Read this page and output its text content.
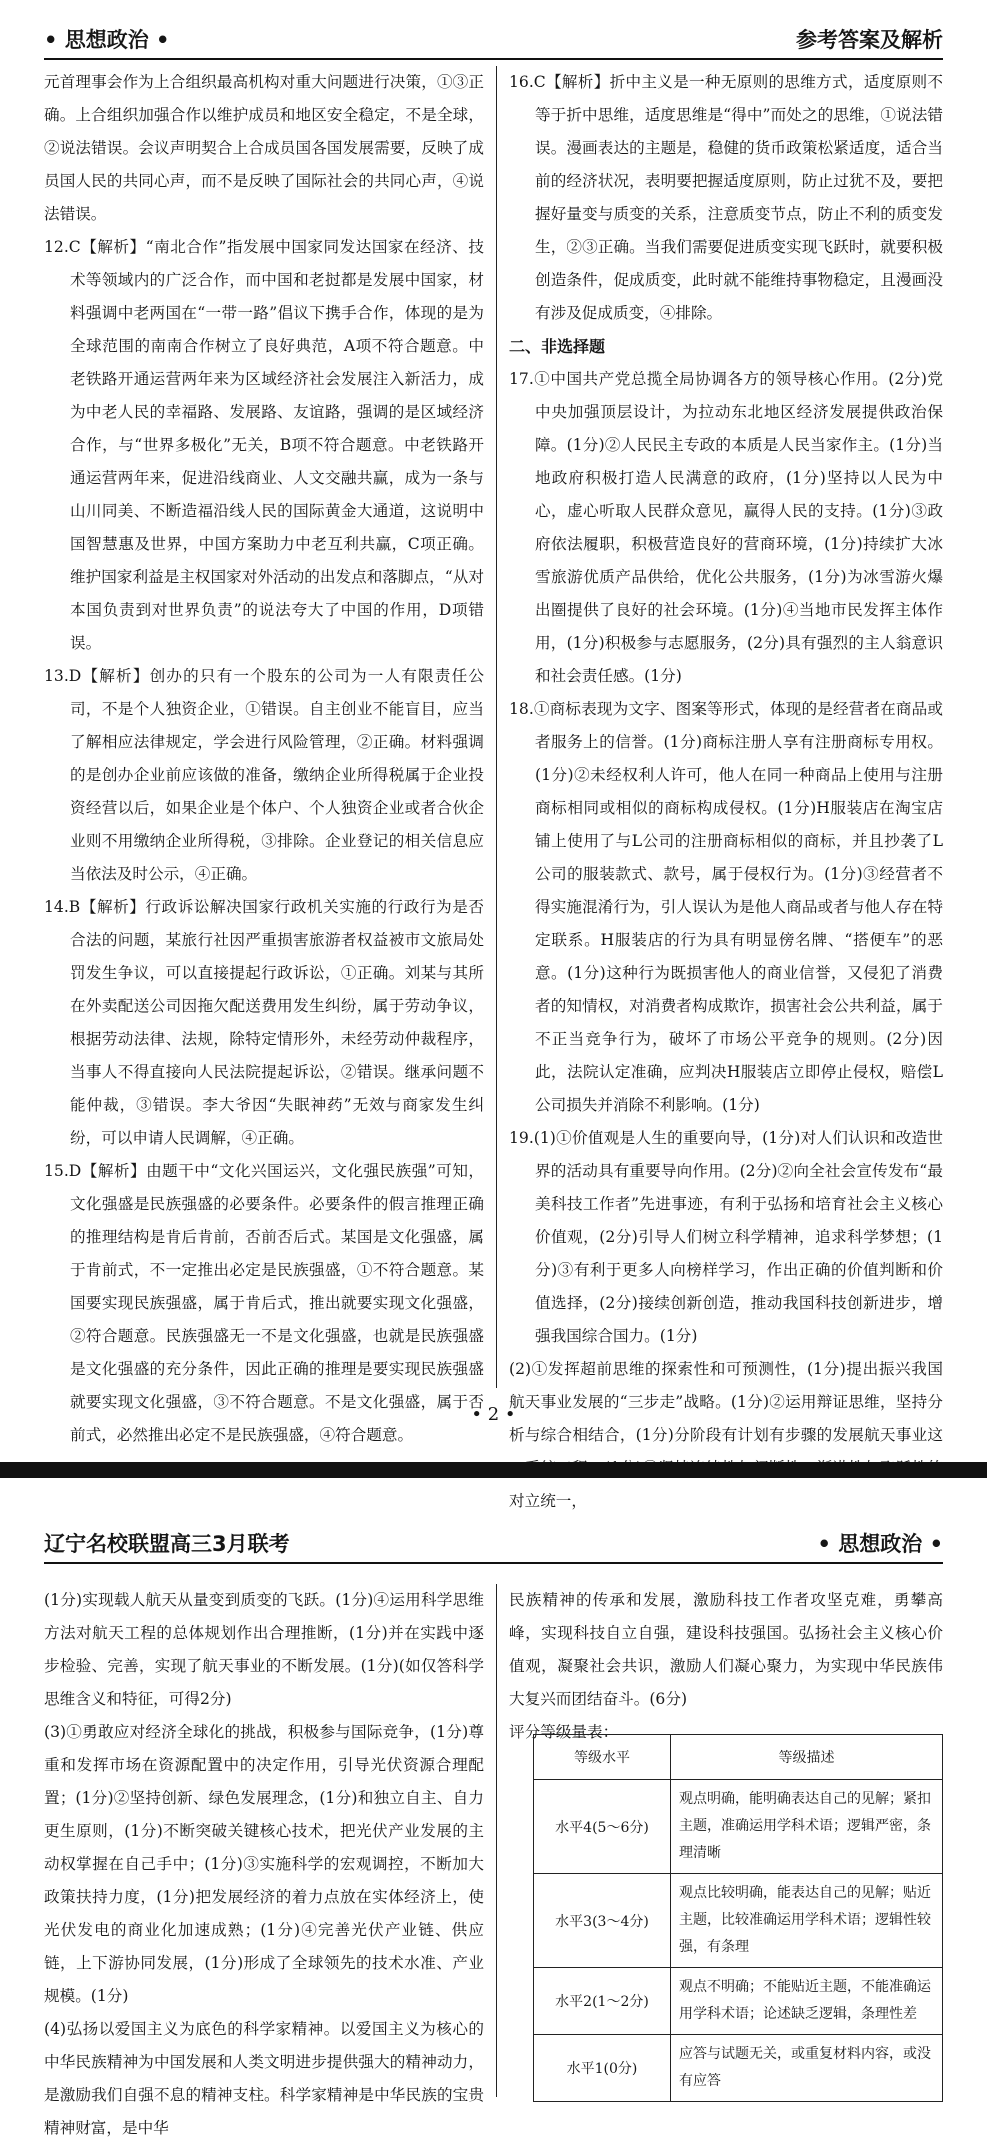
• 思想政治 •	参考答案及解析

元首理事会作为上合组织最高机构对重大问题进行决策，①③正确。上合组织加强合作以维护成员和地区安全稳定，不是全球，②说法错误。会议声明契合上合成员国各国发展需要，反映了成员国人民的共同心声，而不是反映了国际社会的共同心声，④说法错误。

12.C【解析】“南北合作”指发展中国家同发达国家在经济、技术等领域内的广泛合作，而中国和老挝都是发展中国家，材料强调中老两国在“一带一路”倡议下携手合作，体现的是为全球范围的南南合作树立了良好典范，A项不符合题意。中老铁路开通运营两年来为区域经济社会发展注入新活力，成为中老人民的幸福路、发展路、友谊路，强调的是区域经济合作，与“世界多极化”无关，B项不符合题意。中老铁路开通运营两年来，促进沿线商业、人文交融共赢，成为一条与山川同美、不断造福沿线人民的国际黄金大通道，这说明中国智慧惠及世界，中国方案助力中老互利共赢，C项正确。维护国家利益是主权国家对外活动的出发点和落脚点，“从对本国负责到对世界负责”的说法夸大了中国的作用，D项错误。

13.D【解析】创办的只有一个股东的公司为一人有限责任公司，不是个人独资企业，①错误。自主创业不能盲目，应当了解相应法律规定，学会进行风险管理，②正确。材料强调的是创办企业前应该做的准备，缴纳企业所得税属于企业投资经营以后，如果企业是个体户、个人独资企业或者合伙企业则不用缴纳企业所得税，③排除。企业登记的相关信息应当依法及时公示，④正确。

14.B【解析】行政诉讼解决国家行政机关实施的行政行为是否合法的问题，某旅行社因严重损害旅游者权益被市文旅局处罚发生争议，可以直接提起行政诉讼，①正确。刘某与其所在外卖配送公司因拖欠配送费用发生纠纷，属于劳动争议，根据劳动法律、法规，除特定情形外，未经劳动仲裁程序，当事人不得直接向人民法院提起诉讼，②错误。继承问题不能仲裁，③错误。李大爷因“失眠神药”无效与商家发生纠纷，可以申请人民调解，④正确。

15.D【解析】由题干中“文化兴国运兴，文化强民族强”可知，文化强盛是民族强盛的必要条件。必要条件的假言推理正确的推理结构是肯后肯前，否前否后式。某国是文化强盛，属于肯前式，不一定推出必定是民族强盛，①不符合题意。某国要实现民族强盛，属于肯后式，推出就要实现文化强盛，②符合题意。民族强盛无一不是文化强盛，也就是民族强盛是文化强盛的充分条件，因此正确的推理是要实现民族强盛就要实现文化强盛，③不符合题意。不是文化强盛，属于否前式，必然推出必定不是民族强盛，④符合题意。

16.C【解析】折中主义是一种无原则的思维方式，适度原则不等于折中思维，适度思维是“得中”而处之的思维，①说法错误。漫画表达的主题是，稳健的货币政策松紧适度，适合当前的经济状况，表明要把握适度原则，防止过犹不及，要把握好量变与质变的关系，注意质变节点，防止不利的质变发生，②③正确。当我们需要促进质变实现飞跃时，就要积极创造条件，促成质变，此时就不能维持事物稳定，且漫画没有涉及促成质变，④排除。

二、非选择题

17.①中国共产党总揽全局协调各方的领导核心作用。(2分)党中央加强顶层设计，为拉动东北地区经济发展提供政治保障。(1分)②人民民主专政的本质是人民当家作主。(1分)当地政府积极打造人民满意的政府，(1分)坚持以人民为中心，虚心听取人民群众意见，赢得人民的支持。(1分)③政府依法履职，积极营造良好的营商环境，(1分)持续扩大冰雪旅游优质产品供给，优化公共服务，(1分)为冰雪游火爆出圈提供了良好的社会环境。(1分)④当地市民发挥主体作用，(1分)积极参与志愿服务，(2分)具有强烈的主人翁意识和社会责任感。(1分)

18.①商标表现为文字、图案等形式，体现的是经营者在商品或者服务上的信誉。(1分)商标注册人享有注册商标专用权。(1分)②未经权利人许可，他人在同一种商品上使用与注册商标相同或相似的商标构成侵权。(1分)H服装店在淘宝店铺上使用了与L公司的注册商标相似的商标，并且抄袭了L公司的服装款式、款号，属于侵权行为。(1分)③经营者不得实施混淆行为，引人误认为是他人商品或者与他人存在特定联系。H服装店的行为具有明显傍名牌、“搭便车”的恶意。(1分)这种行为既损害他人的商业信誉，又侵犯了消费者的知情权，对消费者构成欺诈，损害社会公共利益，属于不正当竞争行为，破坏了市场公平竞争的规则。(2分)因此，法院认定准确，应判决H服装店立即停止侵权，赔偿L公司损失并消除不利影响。(1分)

19.(1)①价值观是人生的重要向导，(1分)对人们认识和改造世界的活动具有重要导向作用。(2分)②向全社会宣传发布“最美科技工作者”先进事迹，有利于弘扬和培育社会主义核心价值观，(2分)引导人们树立科学精神，追求科学梦想；(1分)③有利于更多人向榜样学习，作出正确的价值判断和价值选择，(2分)接续创新创造，推动我国科技创新进步，增强我国综合国力。(1分)

(2)①发挥超前思维的探索性和可预测性，(1分)提出振兴我国航天事业发展的“三步走”战略。(1分)②运用辩证思维，坚持分析与综合相结合，(1分)分阶段有计划有步骤的发展航天事业这 对立统一，

• 2 •
辽宁名校联盟高三3月联考	• 思想政治 •

(1分)实现载人航天从量变到质变的飞跃。(1分)④运用科学思维方法对航天工程的总体规划作出合理推断，(1分)并在实践中逐步检验、完善，实现了航天事业的不断发展。(1分)(如仅答科学思维含义和特征，可得2分)

(3)①勇敢应对经济全球化的挑战，积极参与国际竞争，(1分)尊重和发挥市场在资源配置中的决定作用，引导光伏资源合理配置；(1分)②坚持创新、绿色发展理念，(1分)和独立自主、自力更生原则，(1分)不断突破关键核心技术，把光伏产业发展的主动权掌握在自己手中；(1分)③实施科学的宏观调控，不断加大政策扶持力度，(1分)把发展经济的着力点放在实体经济上，使光伏发电的商业化加速成熟；(1分)④完善光伏产业链、供应链，上下游协同发展，(1分)形成了全球领先的技术水准、产业规模。(1分)

(4)弘扬以爱国主义为底色的科学家精神。以爱国主义为核心的中华民族精神为中国发展和人类文明进步提供强大的精神动力，是激励我们自强不息的精神支柱。科学家精神是中华民族的宝贵精神财富，是中华

民族精神的传承和发展，激励科技工作者攻坚克难，勇攀高峰，实现科技自立自强，建设科技强国。弘扬社会主义核心价值观，凝聚社会共识，激励人们凝心聚力，为实现中华民族伟大复兴而团结奋斗。(6分)

评分等级量表：

等级水平	等级描述
水平4(5～6分)	观点明确，能明确表达自己的见解；紧扣主题，准确运用学科术语；逻辑严密，条理清晰
水平3(3～4分)	观点比较明确，能表达自己的见解；贴近主题，比较准确运用学科术语；逻辑性较强，有条理
水平2(1～2分)	观点不明确；不能贴近主题，不能准确运用学科术语；论述缺乏逻辑，条理性差
水平1(0分)	应答与试题无关，或重复材料内容，或没有应答
